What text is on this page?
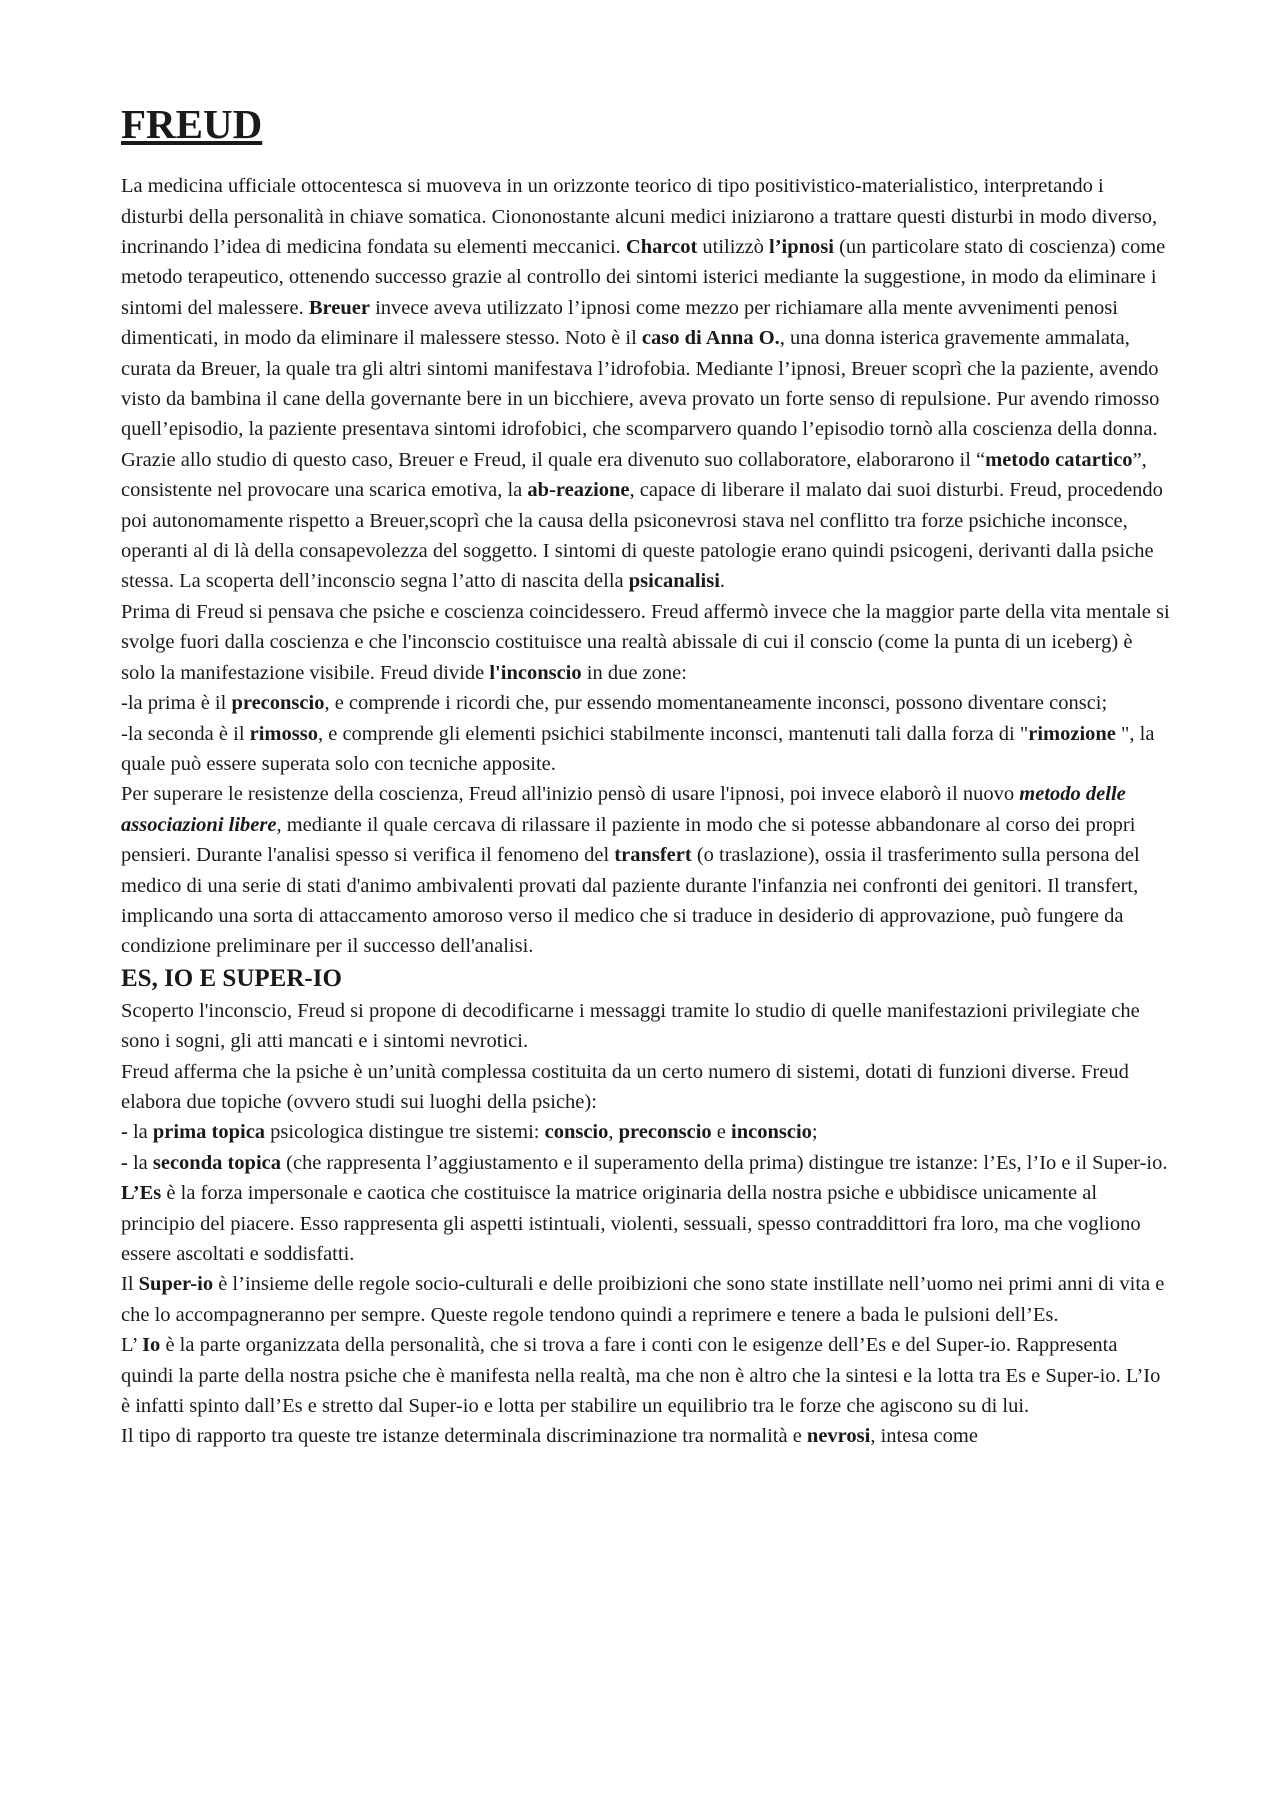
FREUD

La medicina ufficiale ottocentesca si muoveva in un orizzonte teorico di tipo positivistico-materialistico, interpretando i disturbi della personalità in chiave somatica. Ciononostante alcuni medici iniziarono a trattare questi disturbi in modo diverso, incrinando l’idea di medicina fondata su elementi meccanici. Charcot utilizzò l’ipnosi (un particolare stato di coscienza) come metodo terapeutico, ottenendo successo grazie al controllo dei sintomi isterici mediante la suggestione, in modo da eliminare i sintomi del malessere. Breuer invece aveva utilizzato l’ipnosi come mezzo per richiamare alla mente avvenimenti penosi dimenticati, in modo da eliminare il malessere stesso. Noto è il caso di Anna O., una donna isterica gravemente ammalata, curata da Breuer, la quale tra gli altri sintomi manifestava l’idrofobia. Mediante l’ipnosi, Breuer scoprì che la paziente, avendo visto da bambina il cane della governante bere in un bicchiere, aveva provato un forte senso di repulsione. Pur avendo rimosso quell’episodio, la paziente presentava sintomi idrofobici, che scomparvero quando l’episodio tornò alla coscienza della donna. Grazie allo studio di questo caso, Breuer e Freud, il quale era divenuto suo collaboratore, elaborarono il “metodo catartico”, consistente nel provocare una scarica emotiva, la ab-reazione, capace di liberare il malato dai suoi disturbi. Freud, procedendo poi autonomamente rispetto a Breuer,scoprì che la causa della psiconevrosi stava nel conflitto tra forze psichiche inconsce, operanti al di là della consapevolezza del soggetto. I sintomi di queste patologie erano quindi psicogeni, derivanti dalla psiche stessa. La scoperta dell’inconscio segna l’atto di nascita della psicanalisi.

Prima di Freud si pensava che psiche e coscienza coincidessero. Freud affermò invece che la maggior parte della vita mentale si svolge fuori dalla coscienza e che l'inconscio costituisce una realtà abissale di cui il conscio (come la punta di un iceberg) è solo la manifestazione visibile. Freud divide l'inconscio in due zone:

-la prima è il preconscio, e comprende i ricordi che, pur essendo momentaneamente inconsci, possono diventare consci;

-la seconda è il rimosso, e comprende gli elementi psichici stabilmente inconsci, mantenuti tali dalla forza di "rimozione ", la quale può essere superata solo con tecniche apposite.

Per superare le resistenze della coscienza, Freud all'inizio pensò di usare l'ipnosi, poi invece elaborò il nuovo metodo delle associazioni libere, mediante il quale cercava di rilassare il paziente in modo che si potesse abbandonare al corso dei propri pensieri. Durante l'analisi spesso si verifica il fenomeno del transfert (o traslazione), ossia il trasferimento sulla persona del medico di una serie di stati d'animo ambivalenti provati dal paziente durante l'infanzia nei confronti dei genitori. Il transfert, implicando una sorta di attaccamento amoroso verso il medico che si traduce in desiderio di approvazione, può fungere da condizione preliminare per il successo dell'analisi.

ES, IO E SUPER-IO

Scoperto l'inconscio, Freud si propone di decodificarne i messaggi tramite lo studio di quelle manifestazioni privilegiate che sono i sogni, gli atti mancati e i sintomi nevrotici.

Freud afferma che la psiche è un’unità complessa costituita da un certo numero di sistemi, dotati di funzioni diverse. Freud elabora due topiche (ovvero studi sui luoghi della psiche):

- la prima topica psicologica distingue tre sistemi: conscio, preconscio e inconscio;

- la seconda topica (che rappresenta l’aggiustamento e il superamento della prima) distingue tre istanze: l’Es, l’Io e il Super-io.

L’Es è la forza impersonale e caotica che costituisce la matrice originaria della nostra psiche e ubbidisce unicamente al principio del piacere. Esso rappresenta gli aspetti istintuali, violenti, sessuali, spesso contraddittori fra loro, ma che vogliono essere ascoltati e soddisfatti.

Il Super-io è l’insieme delle regole socio-culturali e delle proibizioni che sono state instillate nell’uomo nei primi anni di vita e che lo accompagneranno per sempre. Queste regole tendono quindi a reprimere e tenere a bada le pulsioni dell’Es.

L’ Io è la parte organizzata della personalità, che si trova a fare i conti con le esigenze dell’Es e del Super-io. Rappresenta quindi la parte della nostra psiche che è manifesta nella realtà, ma che non è altro che la sintesi e la lotta tra Es e Super-io. L’Io è infatti spinto dall’Es e stretto dal Super-io e lotta per stabilire un equilibrio tra le forze che agiscono su di lui.

Il tipo di rapporto tra queste tre istanze determinala discriminazione tra normalità e nevrosi, intesa come
